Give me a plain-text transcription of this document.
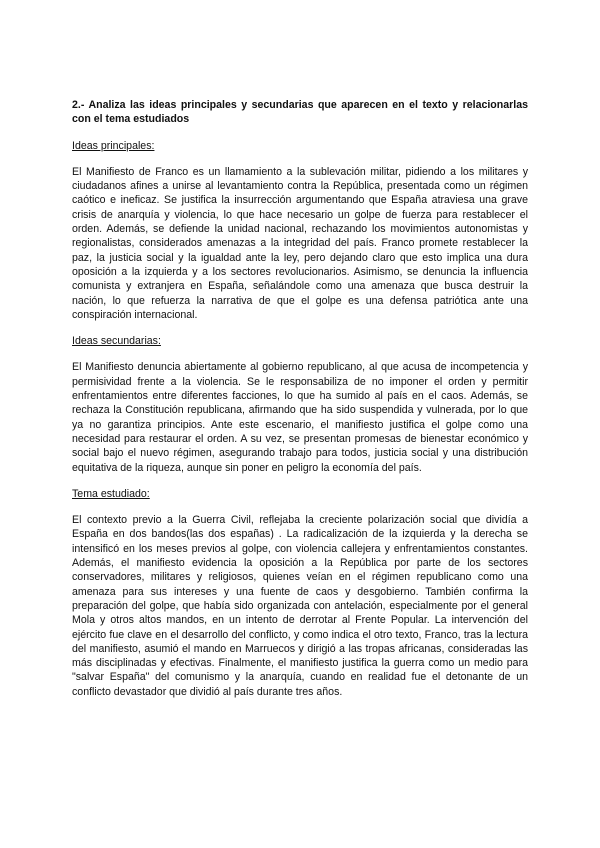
2.- Analiza las ideas principales y secundarias que aparecen en el texto y relacionarlas con el tema estudiados

Ideas principales:

El Manifiesto de Franco es un llamamiento a la sublevación militar, pidiendo a los militares y ciudadanos afines a unirse al levantamiento contra la República, presentada como un régimen caótico e ineficaz. Se justifica la insurrección argumentando que España atraviesa una grave crisis de anarquía y violencia, lo que hace necesario un golpe de fuerza para restablecer el orden. Además, se defiende la unidad nacional, rechazando los movimientos autonomistas y regionalistas, considerados amenazas a la integridad del país. Franco promete restablecer la paz, la justicia social y la igualdad ante la ley, pero dejando claro que esto implica una dura oposición a la izquierda y a los sectores revolucionarios. Asimismo, se denuncia la influencia comunista y extranjera en España, señalándole como una amenaza que busca destruir la nación, lo que refuerza la narrativa de que el golpe es una defensa patriótica ante una conspiración internacional.

Ideas secundarias:

El Manifiesto denuncia abiertamente al gobierno republicano, al que acusa de incompetencia y permisividad frente a la violencia. Se le responsabiliza de no imponer el orden y permitir enfrentamientos entre diferentes facciones, lo que ha sumido al país en el caos. Además, se rechaza la Constitución republicana, afirmando que ha sido suspendida y vulnerada, por lo que ya no garantiza principios. Ante este escenario, el manifiesto justifica el golpe como una necesidad para restaurar el orden. A su vez, se presentan promesas de bienestar económico y social bajo el nuevo régimen, asegurando trabajo para todos, justicia social y una distribución equitativa de la riqueza, aunque sin poner en peligro la economía del país.

Tema estudiado:

El contexto previo a la Guerra Civil, reflejaba la creciente polarización social que dividía a España en dos bandos(las dos españas) . La radicalización de la izquierda y la derecha se intensificó en los meses previos al golpe, con violencia callejera y enfrentamientos constantes. Además, el manifiesto evidencia la oposición a la República por parte de los sectores conservadores, militares y religiosos, quienes veían en el régimen republicano como una amenaza para sus intereses y una fuente de caos y desgobierno. También confirma la preparación del golpe, que había sido organizada con antelación, especialmente por el general Mola y otros altos mandos, en un intento de derrotar al Frente Popular. La intervención del ejército fue clave en el desarrollo del conflicto, y como indica el otro texto, Franco, tras la lectura del manifiesto, asumió el mando en Marruecos y dirigió a las tropas africanas, consideradas las más disciplinadas y efectivas. Finalmente, el manifiesto justifica la guerra como un medio para "salvar España" del comunismo y la anarquía, cuando en realidad fue el detonante de un conflicto devastador que dividió al país durante tres años.
